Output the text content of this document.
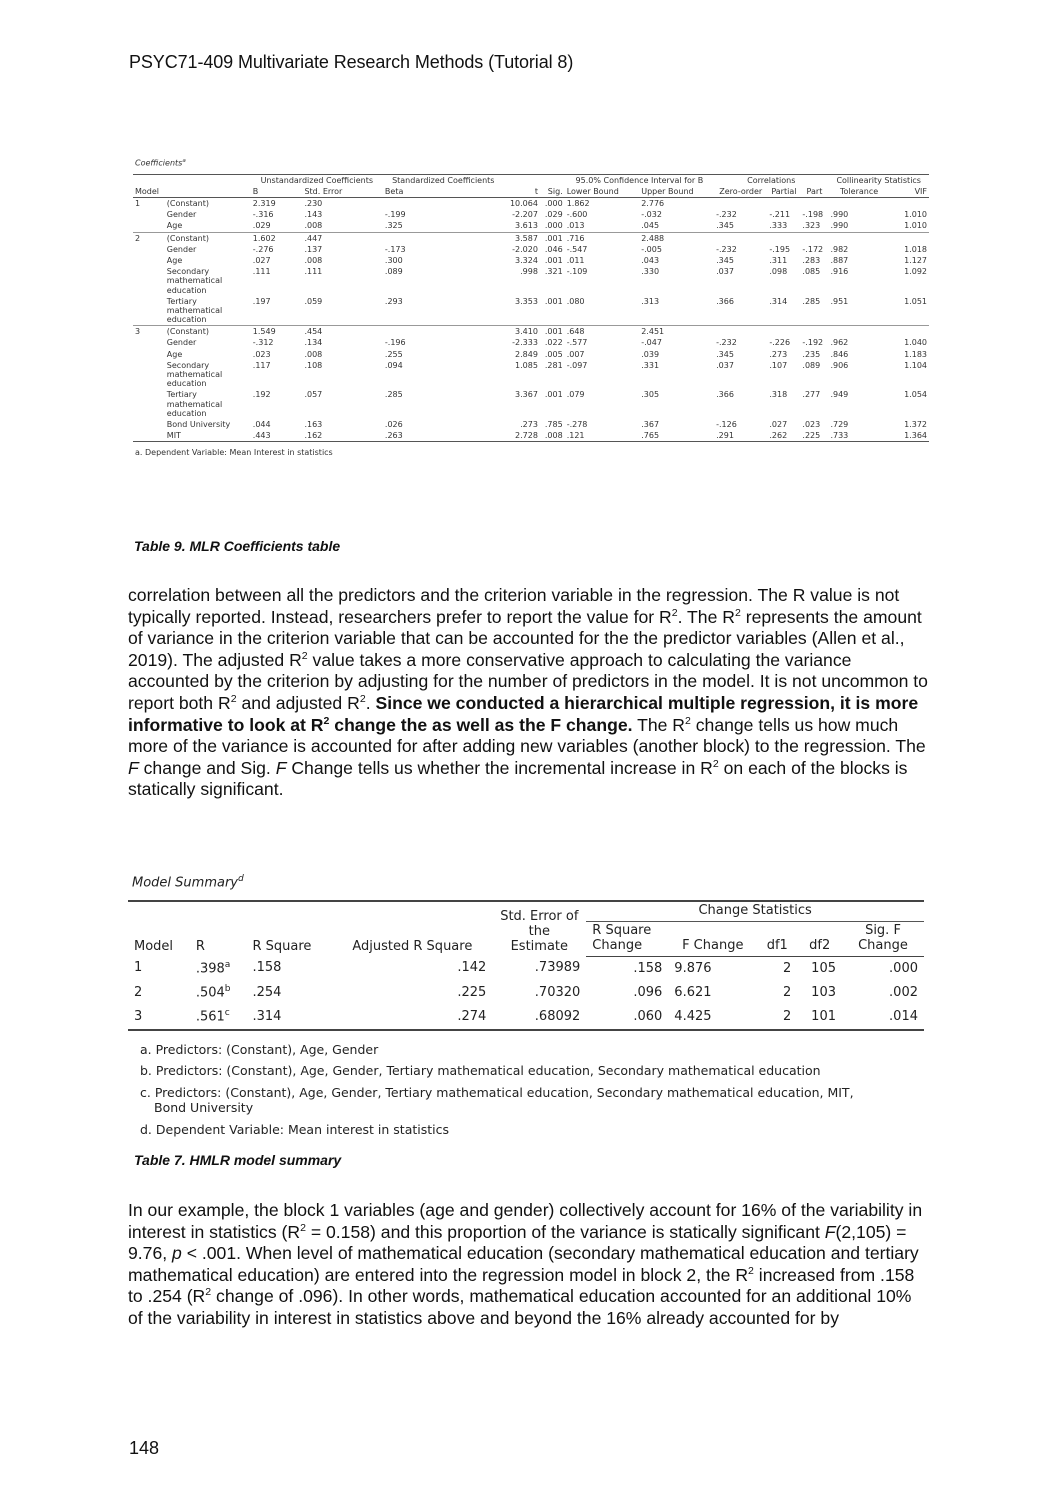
PSYC71-409 Multivariate Research Methods (Tutorial 8)
Coefficients$^a$
		Unstandardized Coefficients		Standardized Coefficients			95.0% Confidence Interval for B		Correlations			Collinearity Statistics	
Model		B	Std. Error	Beta	t	Sig.	Lower Bound	Upper Bound	Zero-order	Partial	Part	Tolerance	VIF
1	(Constant)	2.319	.230		10.064	.000	1.862	2.776					
	Gender	-.316	.143	-.199	-2.207	.029	-.600	-.032	-.232	-.211	-.198	.990	1.010
	Age	.029	.008	.325	3.613	.000	.013	.045	.345	.333	.323	.990	1.010
2	(Constant)	1.602	.447		3.587	.001	.716	2.488					
	Gender	-.276	.137	-.173	-2.020	.046	-.547	-.005	-.232	-.195	-.172	.982	1.018
	Age	.027	.008	.300	3.324	.001	.011	.043	.345	.311	.283	.887	1.127
	Secondary mathematical education	.111	.111	.089	.998	.321	-.109	.330	.037	.098	.085	.916	1.092
	Tertiary mathematical education	.197	.059	.293	3.353	.001	.080	.313	.366	.314	.285	.951	1.051
3	(Constant)	1.549	.454		3.410	.001	.648	2.451					
	Gender	-.312	.134	-.196	-2.333	.022	-.577	-.047	-.232	-.226	-.192	.962	1.040
	Age	.023	.008	.255	2.849	.005	.007	.039	.345	.273	.235	.846	1.183
	Secondary mathematical education	.117	.108	.094	1.085	.281	-.097	.331	.037	.107	.089	.906	1.104
	Tertiary mathematical education	.192	.057	.285	3.367	.001	.079	.305	.366	.318	.277	.949	1.054
	Bond University	.044	.163	.026	.273	.785	-.278	.367	-.126	.027	.023	.729	1.372
	MIT	.443	.162	.263	2.728	.008	.121	.765	.291	.262	.225	.733	1.364
a. Dependent Variable: Mean Interest in statistics
Table 9. MLR Coefficients table
correlation between all the predictors and the criterion variable in the regression. The R value is not typically reported. Instead, researchers prefer to report the value for $R^2$. The $R^2$ represents the amount of variance in the criterion variable that can be accounted for the the predictor variables (Allen et al., 2019). The adjusted $R^2$ value takes a more conservative approach to calculating the variance accounted by the criterion by adjusting for the number of predictors in the model. It is not uncommon to report both $R^2$ and adjusted $R^2$. Since we conducted a hierarchical multiple regression, it is more informative to look at $R^2$ change the as well as the F change. The $R^2$ change tells us how much more of the variance is accounted for after adding new variables (another block) to the regression. The F change and Sig. F Change tells us whether the incremental increase in $R^2$ on each of the blocks is statically significant.
Model Summary$^d$
Model	R	R Square	Adjusted R Square	Std. Error of the Estimate	Change Statistics				
					R Square Change	F Change	df1	df2	Sig. F Change
1	.398$^a$	.158	.142	.73989	.158	9.876	2	105	.000
2	.504$^b$	.254	.225	.70320	.096	6.621	2	103	.002
3	.561$^c$	.314	.274	.68092	.060	4.425	2	101	.014
a. Predictors: (Constant), Age, Gender
b. Predictors: (Constant), Age, Gender, Tertiary mathematical education, Secondary mathematical education
c. Predictors: (Constant), Age, Gender, Tertiary mathematical education, Secondary mathematical education, MIT,
Bond University
d. Dependent Variable: Mean interest in statistics
Table 7. HMLR model summary
In our example, the block 1 variables (age and gender) collectively account for 16% of the variability in interest in statistics $(R^2 = 0.158)$ and this proportion of the variance is statically significant F(2,105) = 9.76, p < .001. When level of mathematical education (secondary mathematical education and tertiary mathematical education) are entered into the regression model in block 2, the $R^2$ increased from .158 to .254 ($R^2$ change of .096). In other words, mathematical education accounted for an additional 10% of the variability in interest in statistics above and beyond the 16% already accounted for by
148
